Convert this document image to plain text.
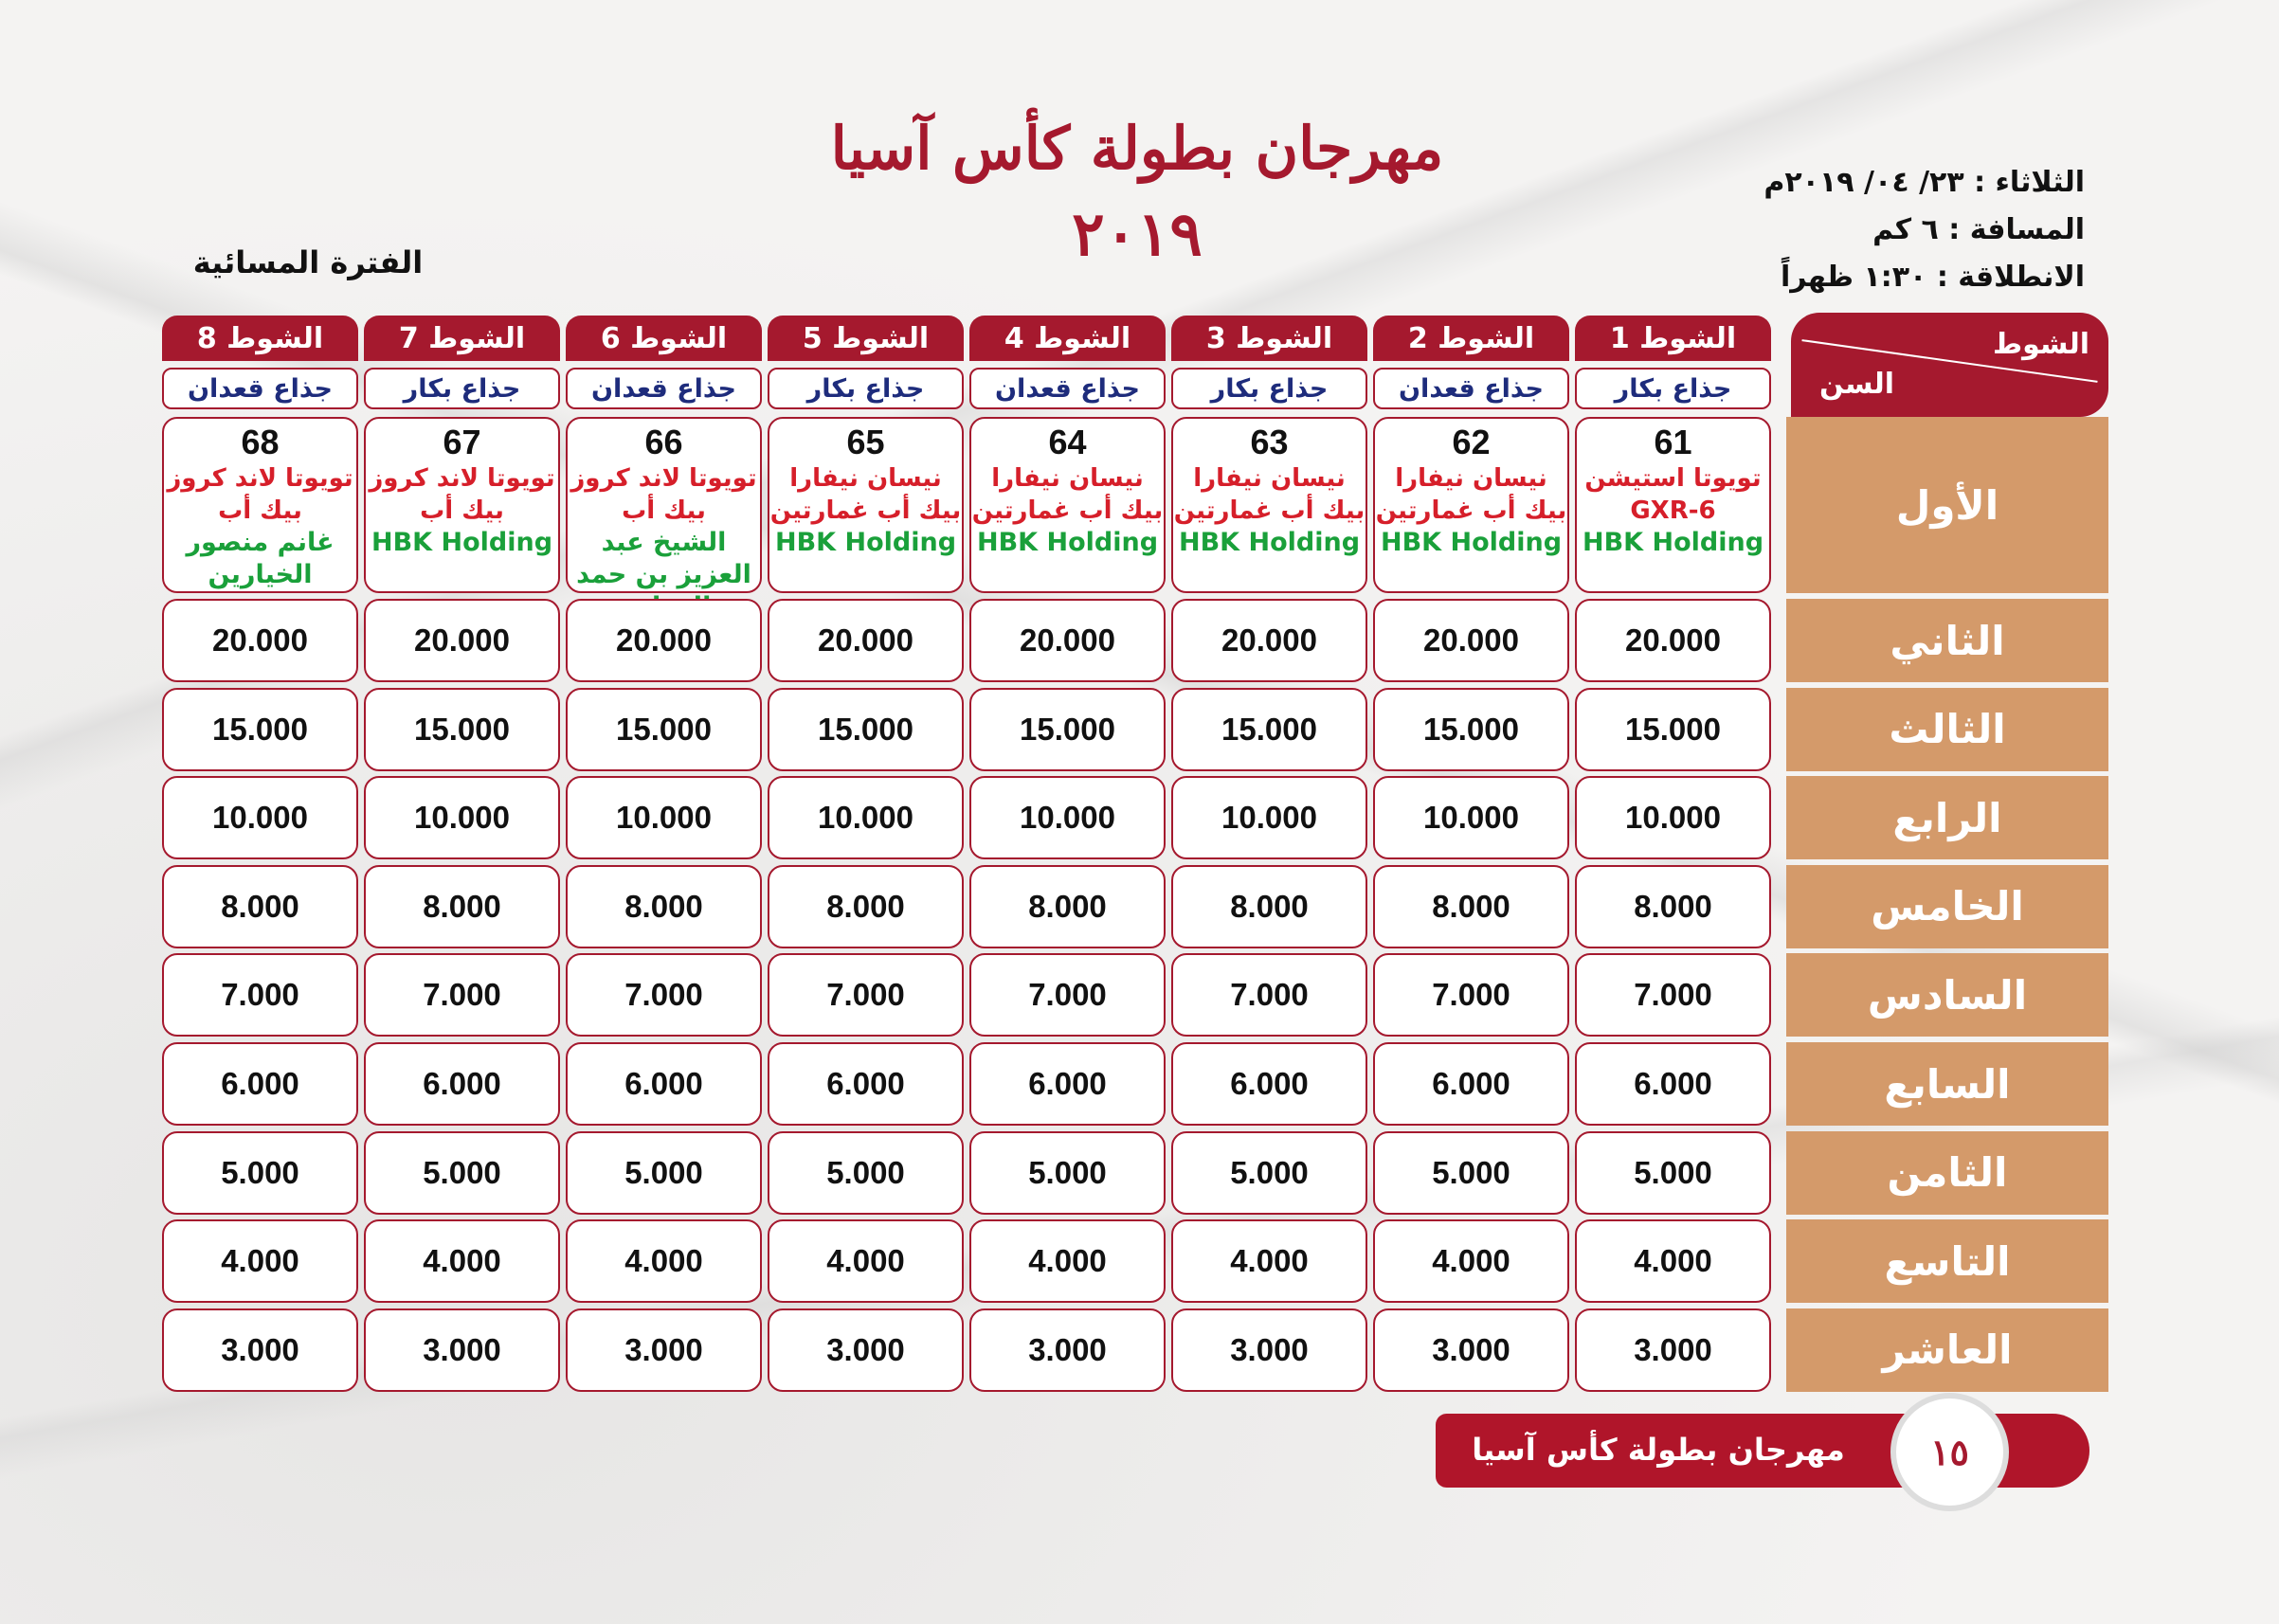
مهرجان بطولة كأس آسيا
٢٠١٩
الثلاثاء : ٢٣/ ٠٤/ ٢٠١٩م
المسافة : ٦ كم
الانطلاقة : ١:٣٠ ظهراً
الفترة المسائية
الشوط
السن
الأول
الثاني
الثالث
الرابع
الخامس
السادس
السابع
الثامن
التاسع
العاشر
الشوط 1
جذاع بكار
61
تويوتا استيشن GXR-6
HBK Holding
20.000
15.000
10.000
8.000
7.000
6.000
5.000
4.000
3.000
الشوط 2
جذاع قعدان
62
نيسان نيفارا بيك أب غمارتين
HBK Holding
20.000
15.000
10.000
8.000
7.000
6.000
5.000
4.000
3.000
الشوط 3
جذاع بكار
63
نيسان نيفارا بيك أب غمارتين
HBK Holding
20.000
15.000
10.000
8.000
7.000
6.000
5.000
4.000
3.000
الشوط 4
جذاع قعدان
64
نيسان نيفارا بيك أب غمارتين
HBK Holding
20.000
15.000
10.000
8.000
7.000
6.000
5.000
4.000
3.000
الشوط 5
جذاع بكار
65
نيسان نيفارا بيك أب غمارتين
HBK Holding
20.000
15.000
10.000
8.000
7.000
6.000
5.000
4.000
3.000
الشوط 6
جذاع قعدان
66
تويوتا لاند كروز بيك أب
الشيخ عبد العزيز بن حمد
20.000
15.000
10.000
8.000
7.000
6.000
5.000
4.000
3.000
الشوط 7
جذاع بكار
67
تويوتا لاند كروز بيك أب
HBK Holding
20.000
15.000
10.000
8.000
7.000
6.000
5.000
4.000
3.000
الشوط 8
جذاع قعدان
68
تويوتا لاند كروز بيك أب
غانم منصور الخيارين
20.000
15.000
10.000
8.000
7.000
6.000
5.000
4.000
3.000
مهرجان بطولة كأس آسيا	١٥
